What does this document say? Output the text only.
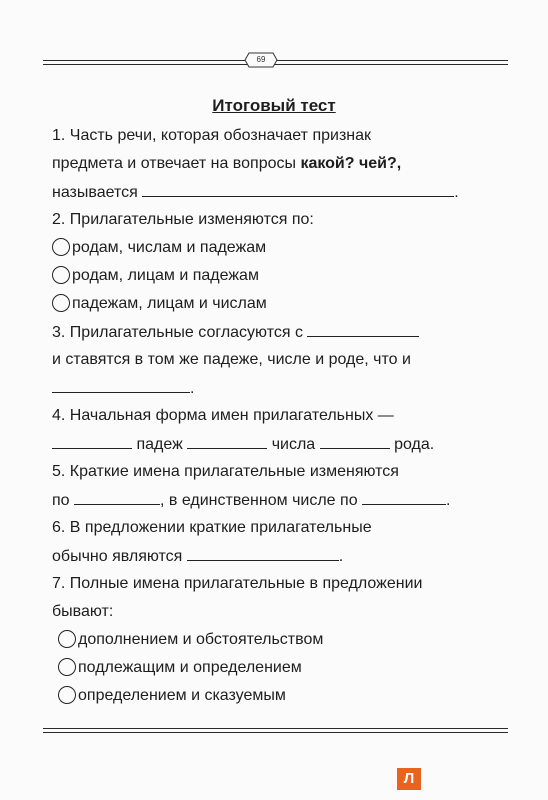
69
Итоговый тест
1. Часть речи, которая обозначает признак
предмета и отвечает на вопросы какой? чей?,
называется	.
2. Прилагательные изменяются по:
родам, числам и падежам
родам, лицам и падежам
падежам, лицам и числам
3. Прилагательные согласуются с
и ставятся в том же падеже, числе и роде, что и
.
4. Начальная форма имен прилагательных —
падеж	числа	рода.
5. Краткие имена прилагательные изменяются
по	, в единственном числе по	.
6. В предложении краткие прилагательные
обычно являются	.
7. Полные имена прилагательные в предложении
бывают:
дополнением и обстоятельством
подлежащим и определением
определением и сказуемым
Л
